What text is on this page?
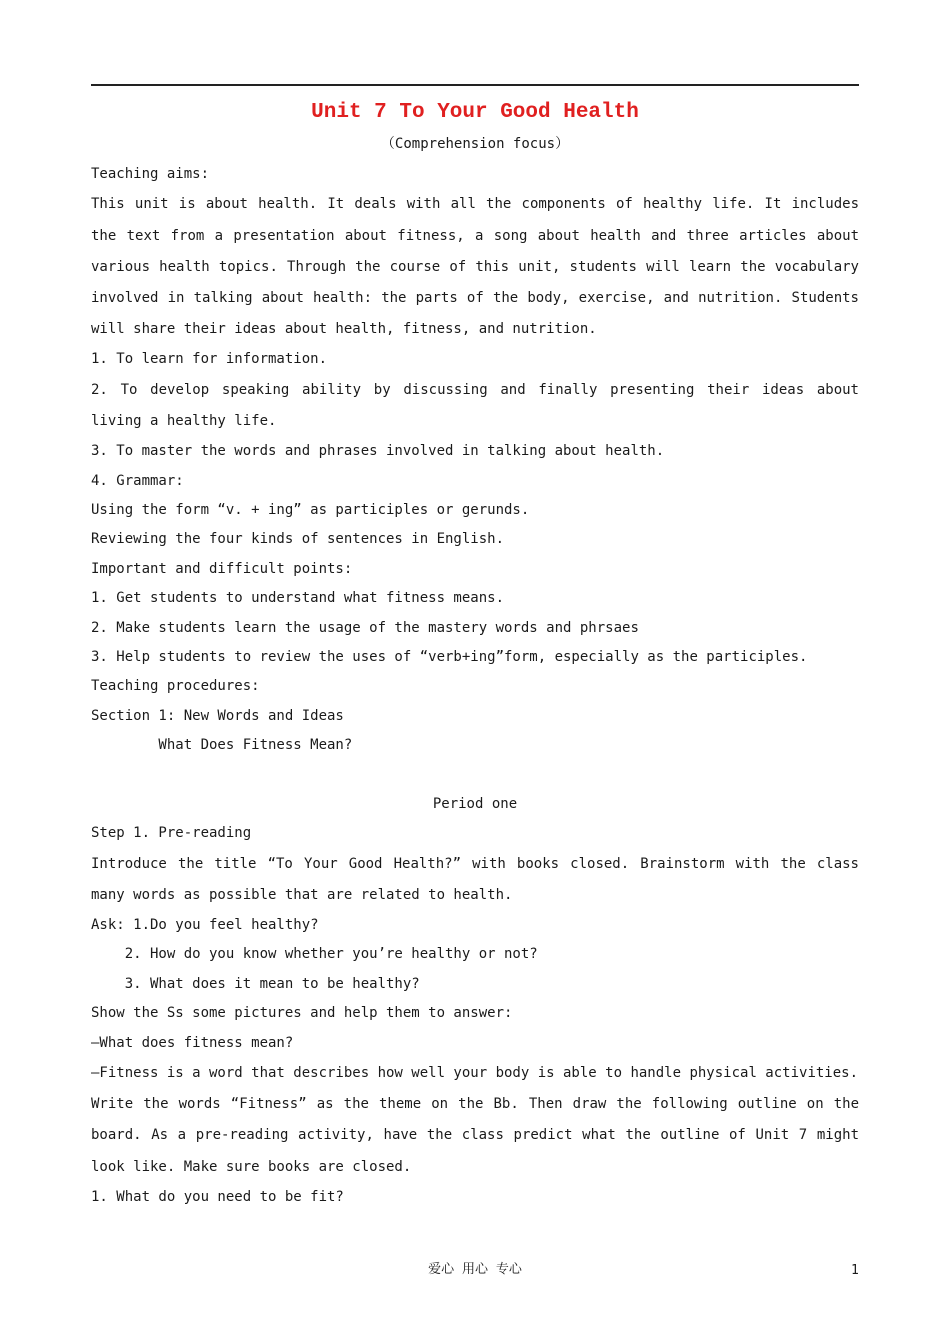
Unit 7 To Your Good Health
（Comprehension focus）
Teaching aims:
This unit is about health. It deals with all the components of healthy life. It includes the text from a presentation about fitness, a song about health and three articles about various health topics. Through the course of this unit, students will learn the vocabulary involved in talking about health: the parts of the body, exercise, and nutrition. Students will share their ideas about health, fitness, and nutrition.
1. To learn for information.
2. To develop speaking ability by discussing and finally presenting their ideas about living a healthy life.
3. To master the words and phrases involved in talking about health.
4. Grammar:
Using the form “v. + ing” as participles or gerunds.
Reviewing the four kinds of sentences in English.
Important and difficult points:
1. Get students to understand what fitness means.
2. Make students learn the usage of the mastery words and phrsaes
3. Help students to review the uses of “verb+ing”form, especially as the participles.
Teaching procedures:
Section 1: New Words and Ideas
What Does Fitness Mean?
Period one
Step 1. Pre-reading
Introduce the title “To Your Good Health?” with books closed. Brainstorm with the class many words as possible that are related to health.
Ask: 1.Do you feel healthy?
2. How do you know whether you’re healthy or not?
3. What does it mean to be healthy?
Show the Ss some pictures and help them to answer:
—What does fitness mean?
—Fitness is a word that describes how well your body is able to handle physical activities.
Write the words “Fitness” as the theme on the Bb. Then draw the following outline on the board. As a pre-reading activity, have the class predict what the outline of Unit 7 might look like. Make sure books are closed.
1. What do you need to be fit?
爱心 用心 专心	1
